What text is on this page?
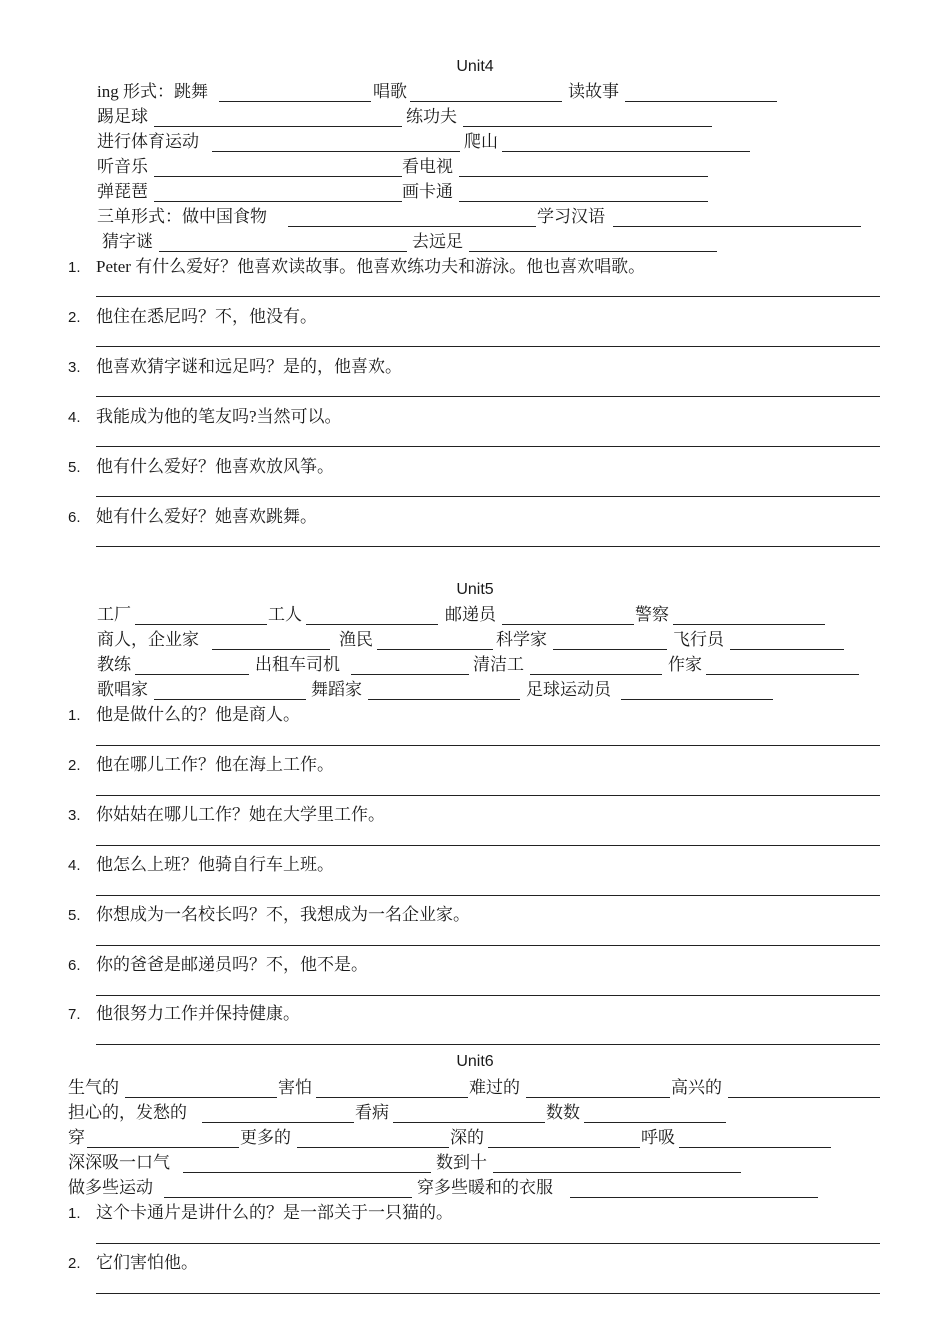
Unit4
ing 形式：跳舞	唱歌	读故事
踢足球	练功夫
进行体育运动	爬山
听音乐	看电视
弹琵琶	画卡通
三单形式：做中国食物	学习汉语
猜字谜	去远足
1. Peter 有什么爱好？他喜欢读故事。他喜欢练功夫和游泳。他也喜欢唱歌。
2. 他住在悉尼吗？不，他没有。
3. 他喜欢猜字谜和远足吗？是的，他喜欢。
4. 我能成为他的笔友吗?当然可以。
5. 他有什么爱好？他喜欢放风筝。
6. 她有什么爱好？她喜欢跳舞。
Unit5
工厂	工人	邮递员	警察
商人，企业家	渔民	科学家	飞行员
教练	出租车司机	清洁工	作家
歌唱家	舞蹈家	足球运动员
1. 他是做什么的？他是商人。
2. 他在哪儿工作？他在海上工作。
3. 你姑姑在哪儿工作？她在大学里工作。
4. 他怎么上班？他骑自行车上班。
5. 你想成为一名校长吗？不，我想成为一名企业家。
6. 你的爸爸是邮递员吗？不，他不是。
7. 他很努力工作并保持健康。
Unit6
生气的	害怕	难过的	高兴的
担心的，发愁的	看病	数数
穿	更多的	深的	呼吸
深深吸一口气	数到十
做多些运动	穿多些暖和的衣服
1. 这个卡通片是讲什么的？是一部关于一只猫的。
2. 它们害怕他。
